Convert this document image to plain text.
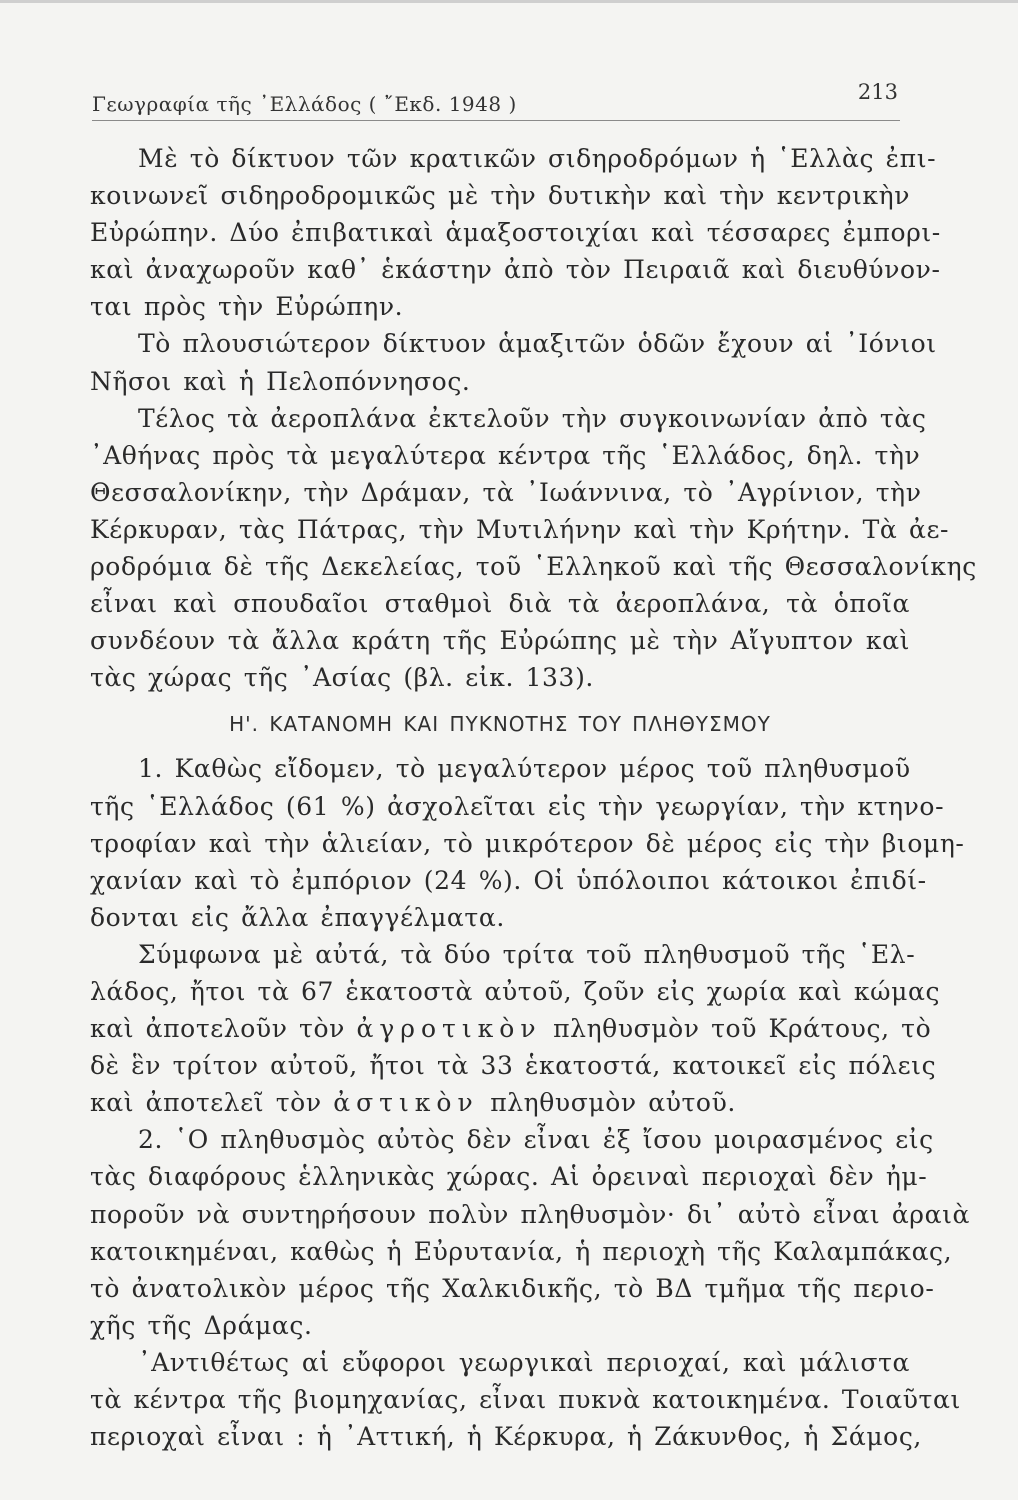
Γεωγραφία τῆς ᾽Ελλάδος ( ῎Εκδ. 1948 )	213
Μὲ τὸ δίκτυον τῶν κρατικῶν σιδηροδρόμων ἡ ῾Ελλὰς ἐπι-
κοινωνεῖ σιδηροδρομικῶς μὲ τὴν δυτικὴν καὶ τὴν κεντρικὴν
Εὐρώπην. Δύο ἐπιβατικαὶ ἁμαξοστοιχίαι καὶ τέσσαρες ἐμπορι-
καὶ ἀναχωροῦν καθ᾽ ἑκάστην ἀπὸ τὸν Πειραιᾶ καὶ διευθύνον-
ται πρὸς τὴν Εὐρώπην.
Τὸ πλουσιώτερον δίκτυον ἁμαξιτῶν ὁδῶν ἔχουν αἱ ᾽Ιόνιοι
Νῆσοι καὶ ἡ Πελοπόννησος.
Τέλος τὰ ἀεροπλάνα ἐκτελοῦν τὴν συγκοινωνίαν ἀπὸ τὰς
᾽Αθήνας πρὸς τὰ μεγαλύτερα κέντρα τῆς ῾Ελλάδος, δηλ. τὴν
Θεσσαλονίκην, τὴν Δράμαν, τὰ ᾽Ιωάννινα, τὸ ᾽Αγρίνιον, τὴν
Κέρκυραν, τὰς Πάτρας, τὴν Μυτιλήνην καὶ τὴν Κρήτην. Τὰ ἀε-
ροδρόμια δὲ τῆς Δεκελείας, τοῦ ῾Ελληκοῦ καὶ τῆς Θεσσαλονίκης
εἶναι καὶ σπουδαῖοι σταθμοὶ διὰ τὰ ἀεροπλάνα, τὰ ὁποῖα
συνδέουν τὰ ἄλλα κράτη τῆς Εὐρώπης μὲ τὴν Αἴγυπτον καὶ
τὰς χώρας τῆς ᾽Ασίας (βλ. εἰκ. 133).
Η'. ΚΑΤΑΝΟΜΗ ΚΑΙ ΠΥΚΝΟΤΗΣ ΤΟΥ ΠΛΗΘΥΣΜΟΥ
1. Καθὼς εἴδομεν, τὸ μεγαλύτερον μέρος τοῦ πληθυσμοῦ
τῆς ῾Ελλάδος (61 %) ἀσχολεῖται εἰς τὴν γεωργίαν, τὴν κτηνο-
τροφίαν καὶ τὴν ἁλιείαν, τὸ μικρότερον δὲ μέρος εἰς τὴν βιομη-
χανίαν καὶ τὸ ἐμπόριον (24 %). Οἱ ὑπόλοιποι κάτοικοι ἐπιδί-
δονται εἰς ἄλλα ἐπαγγέλματα.
Σύμφωνα μὲ αὐτά, τὰ δύο τρίτα τοῦ πληθυσμοῦ τῆς ῾Ελ-
λάδος, ἤτοι τὰ 67 ἑκατοστὰ αὐτοῦ, ζοῦν εἰς χωρία καὶ κώμας
καὶ ἀποτελοῦν τὸν ἀγροτικὸν πληθυσμὸν τοῦ Κράτους, τὸ
δὲ ἓν τρίτον αὐτοῦ, ἤτοι τὰ 33 ἑκατοστά, κατοικεῖ εἰς πόλεις
καὶ ἀποτελεῖ τὸν ἀστικὸν πληθυσμὸν αὐτοῦ.
2. ῾Ο πληθυσμὸς αὐτὸς δὲν εἶναι ἐξ ἴσου μοιρασμένος εἰς
τὰς διαφόρους ἑλληνικὰς χώρας. Αἱ ὀρειναὶ περιοχαὶ δὲν ἠμ-
ποροῦν νὰ συντηρήσουν πολὺν πληθυσμὸν· δι᾽ αὐτὸ εἶναι ἀραιὰ
κατοικημέναι, καθὼς ἡ Εὐρυτανία, ἡ περιοχὴ τῆς Καλαμπάκας,
τὸ ἀνατολικὸν μέρος τῆς Χαλκιδικῆς, τὸ ΒΔ τμῆμα τῆς περιο-
χῆς τῆς Δράμας.
᾽Αντιθέτως αἱ εὔφοροι γεωργικαὶ περιοχαί, καὶ μάλιστα
τὰ κέντρα τῆς βιομηχανίας, εἶναι πυκνὰ κατοικημένα. Τοιαῦται
περιοχαὶ εἶναι : ἡ ᾽Αττική, ἡ Κέρκυρα, ἡ Ζάκυνθος, ἡ Σάμος,
